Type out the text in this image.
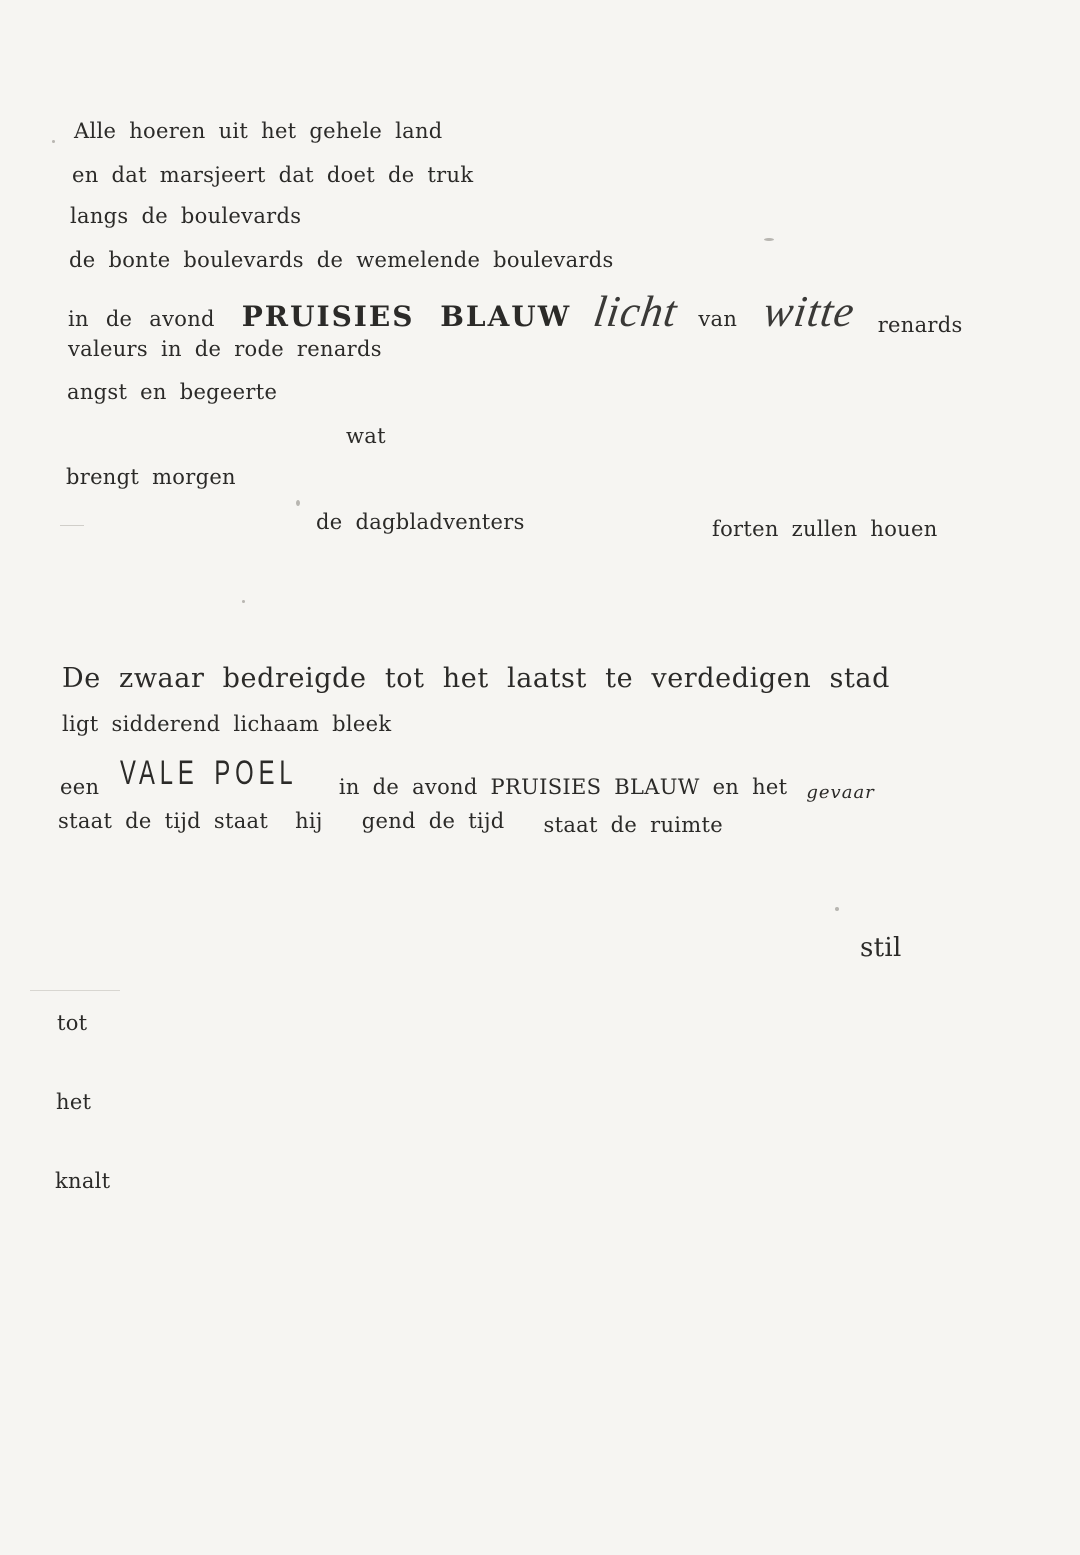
Alle hoeren uit het gehele land
en dat marsjeert dat doet de truk
langs de boulevards
de bonte boulevards de wemelende boulevards
in de avond PRUISIES BLAUW licht van witte renards
valeurs in de rode renards
angst en begeerte
wat
brengt morgen
de dagbladventers	forten zullen houen
De zwaar bedreigde tot het laatst te verdedigen stad
ligt sidderend lichaam bleek
een VALE POEL in de avond PRUISIES BLAUW en het gevaar
staat de tijd staat hij gend de tijd staat de ruimte
stil
tot
het
knalt
